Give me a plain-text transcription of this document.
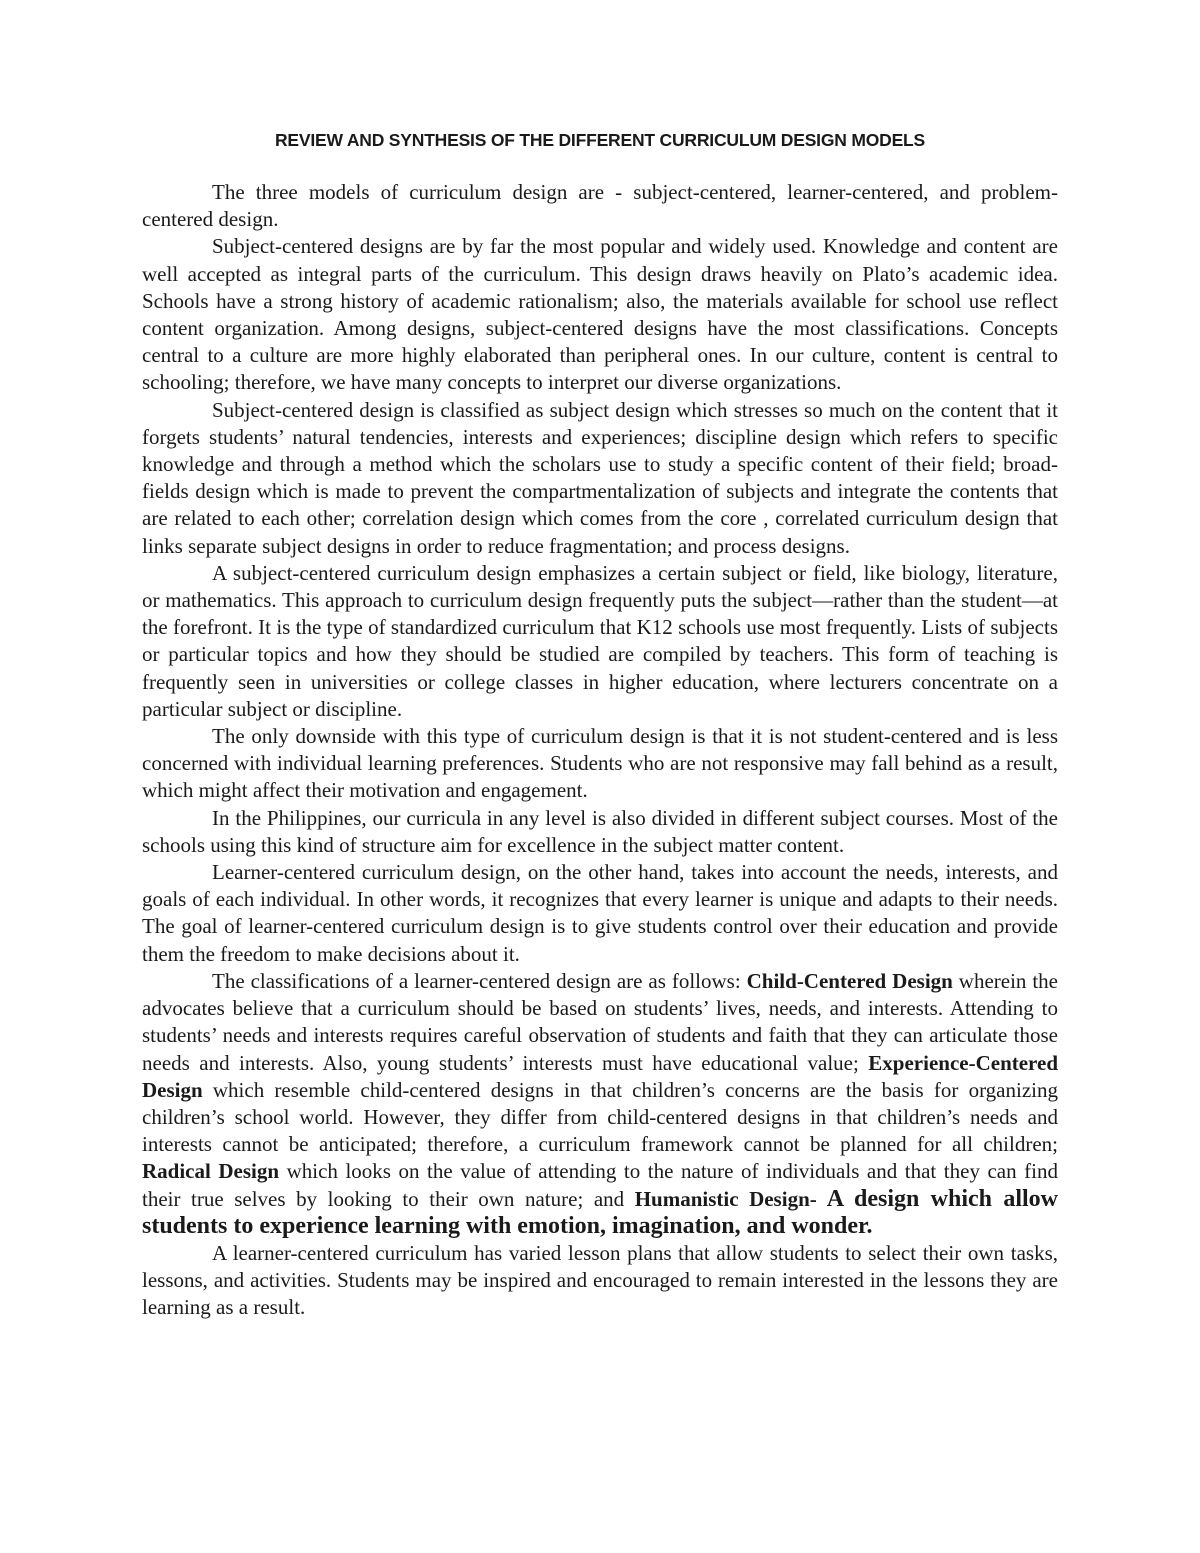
REVIEW AND SYNTHESIS OF THE DIFFERENT CURRICULUM DESIGN MODELS

The three models of curriculum design are - subject-centered, learner-centered, and problem-centered design.

Subject-centered designs are by far the most popular and widely used. Knowledge and content are well accepted as integral parts of the curriculum. This design draws heavily on Plato’s academic idea. Schools have a strong history of academic rationalism; also, the materials available for school use reflect content organization. Among designs, subject-centered designs have the most classifications. Concepts central to a culture are more highly elaborated than peripheral ones. In our culture, content is central to schooling; therefore, we have many concepts to interpret our diverse organizations.

Subject-centered design is classified as subject design which stresses so much on the content that it forgets students’ natural tendencies, interests and experiences; discipline design which refers to specific knowledge and through a method which the scholars use to study a specific content of their field; broad-fields design which is made to prevent the compartmentalization of subjects and integrate the contents that are related to each other; correlation design which comes from the core , correlated curriculum design that links separate subject designs in order to reduce fragmentation; and process designs.

A subject-centered curriculum design emphasizes a certain subject or field, like biology, literature, or mathematics. This approach to curriculum design frequently puts the subject—rather than the student—at the forefront. It is the type of standardized curriculum that K12 schools use most frequently. Lists of subjects or particular topics and how they should be studied are compiled by teachers. This form of teaching is frequently seen in universities or college classes in higher education, where lecturers concentrate on a particular subject or discipline.

The only downside with this type of curriculum design is that it is not student-centered and is less concerned with individual learning preferences. Students who are not responsive may fall behind as a result, which might affect their motivation and engagement.

In the Philippines, our curricula in any level is also divided in different subject courses. Most of the schools using this kind of structure aim for excellence in the subject matter content.

Learner-centered curriculum design, on the other hand, takes into account the needs, interests, and goals of each individual. In other words, it recognizes that every learner is unique and adapts to their needs. The goal of learner-centered curriculum design is to give students control over their education and provide them the freedom to make decisions about it.

The classifications of a learner-centered design are as follows: Child-Centered Design wherein the advocates believe that a curriculum should be based on students’ lives, needs, and interests. Attending to students’ needs and interests requires careful observation of students and faith that they can articulate those needs and interests. Also, young students’ interests must have educational value; Experience-Centered Design which resemble child-centered designs in that children’s concerns are the basis for organizing children’s school world. However, they differ from child-centered designs in that children’s needs and interests cannot be anticipated; therefore, a curriculum framework cannot be planned for all children; Radical Design which looks on the value of attending to the nature of individuals and that they can find their true selves by looking to their own nature; and Humanistic Design- A design which allow students to experience learning with emotion, imagination, and wonder.

A learner-centered curriculum has varied lesson plans that allow students to select their own tasks, lessons, and activities. Students may be inspired and encouraged to remain interested in the lessons they are learning as a result.
